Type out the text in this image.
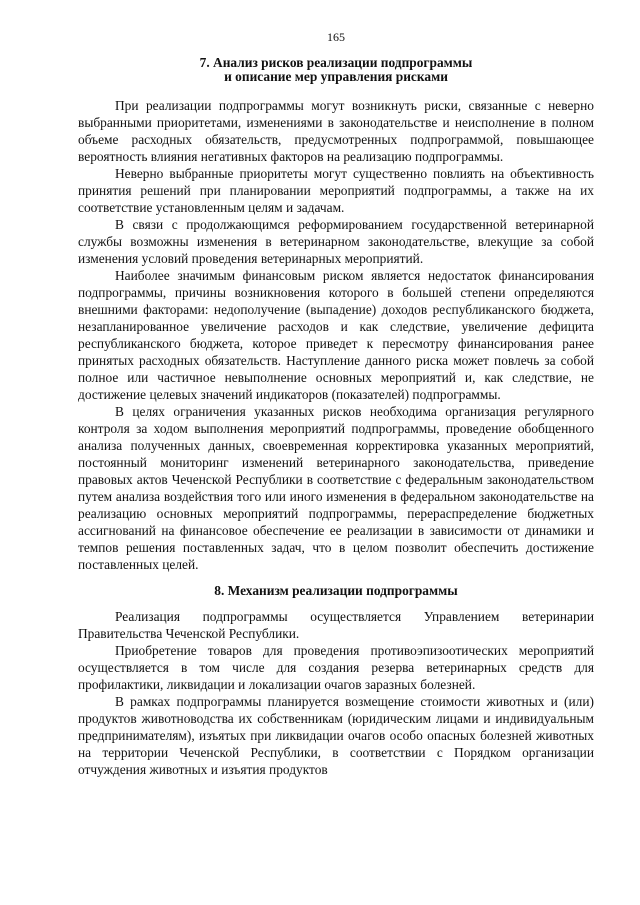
165
7. Анализ рисков реализации подпрограммы
и описание мер управления рисками

При реализации подпрограммы могут возникнуть риски, связанные с неверно выбранными приоритетами, изменениями в законодательстве и неисполнение в полном объеме расходных обязательств, предусмотренных подпрограммой, повышающее вероятность влияния негативных факторов на реализацию подпрограммы.

Неверно выбранные приоритеты могут существенно повлиять на объективность принятия решений при планировании мероприятий подпрограммы, а также на их соответствие установленным целям и задачам.

В связи с продолжающимся реформированием государственной ветеринарной службы возможны изменения в ветеринарном законодательстве, влекущие за собой изменения условий проведения ветеринарных мероприятий.

Наиболее значимым финансовым риском является недостаток финансирования подпрограммы, причины возникновения которого в большей степени определяются внешними факторами: недополучение (выпадение) доходов республиканского бюджета, незапланированное увеличение расходов и как следствие, увеличение дефицита республиканского бюджета, которое приведет к пересмотру финансирования ранее принятых расходных обязательств. Наступление данного риска может повлечь за собой полное или частичное невыполнение основных мероприятий и, как следствие, не достижение целевых значений индикаторов (показателей) подпрограммы.

В целях ограничения указанных рисков необходима организация регулярного контроля за ходом выполнения мероприятий подпрограммы, проведение обобщенного анализа полученных данных, своевременная корректировка указанных мероприятий, постоянный мониторинг изменений ветеринарного законодательства, приведение правовых актов Чеченской Республики в соответствие с федеральным законодательством путем анализа воздействия того или иного изменения в федеральном законодательстве на реализацию основных мероприятий подпрограммы, перераспределение бюджетных ассигнований на финансовое обеспечение ее реализации в зависимости от динамики и темпов решения поставленных задач, что в целом позволит обеспечить достижение поставленных целей.

8. Механизм реализации подпрограммы

Реализация подпрограммы осуществляется Управлением ветеринарии Правительства Чеченской Республики.

Приобретение товаров для проведения противоэпизоотических мероприятий осуществляется в том числе для создания резерва ветеринарных средств для профилактики, ликвидации и локализации очагов заразных болезней.

В рамках подпрограммы планируется возмещение стоимости животных и (или) продуктов животноводства их собственникам (юридическим лицами и индивидуальным предпринимателям), изъятых при ликвидации очагов особо опасных болезней животных на территории Чеченской Республики, в соответствии с Порядком организации отчуждения животных и изъятия продуктов
